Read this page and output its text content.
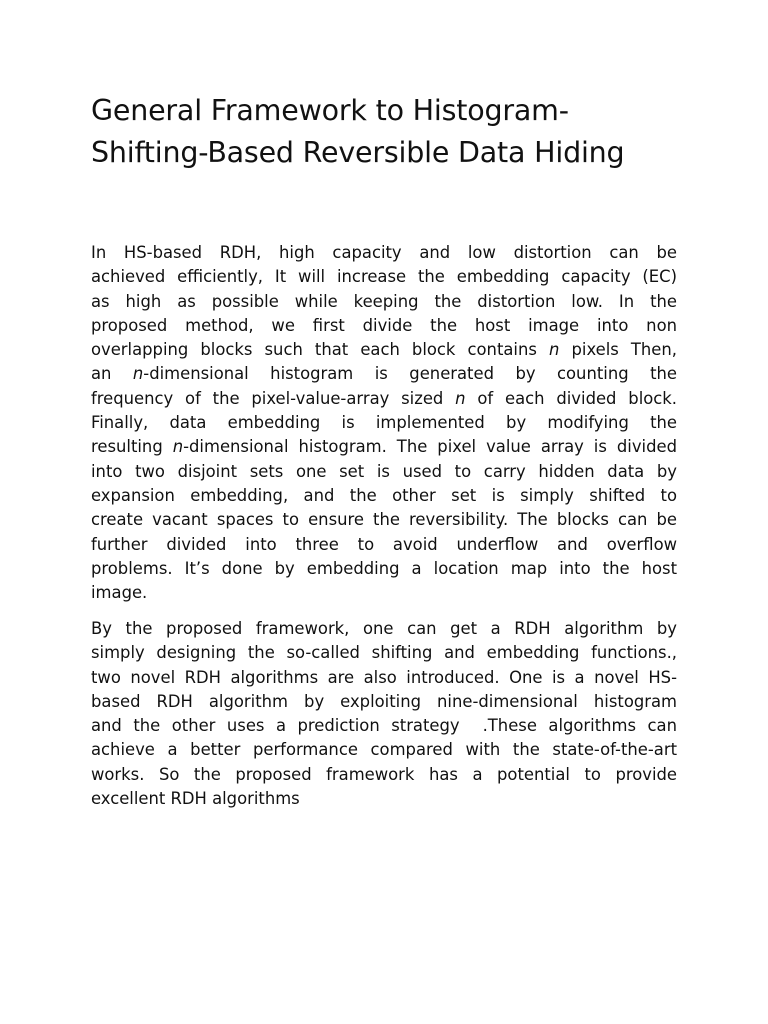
General Framework to Histogram-
Shifting-Based Reversible Data Hiding
In HS-based RDH, high capacity and low distortion can be
achieved efficiently, It will increase the embedding capacity (EC)
as high as possible while keeping the distortion low. In the
proposed method, we first divide the host image into non
overlapping blocks such that each block contains n pixels Then,
an n-dimensional histogram is generated by counting the
frequency of the pixel-value-array sized n of each divided block.
Finally, data embedding is implemented by modifying the
resulting n-dimensional histogram. The pixel value array is divided
into two disjoint sets one set is used to carry hidden data by
expansion embedding, and the other set is simply shifted to
create vacant spaces to ensure the reversibility. The blocks can be
further divided into three to avoid underflow and overflow
problems. It’s done by embedding a location map into the host
image.
By the proposed framework, one can get a RDH algorithm by
simply designing the so-called shifting and embedding functions.,
two novel RDH algorithms are also introduced. One is a novel HS-
based RDH algorithm by exploiting nine-dimensional histogram
and the other uses a prediction strategy  .These algorithms can
achieve a better performance compared with the state-of-the-art
works. So the proposed framework has a potential to provide
excellent RDH algorithms
